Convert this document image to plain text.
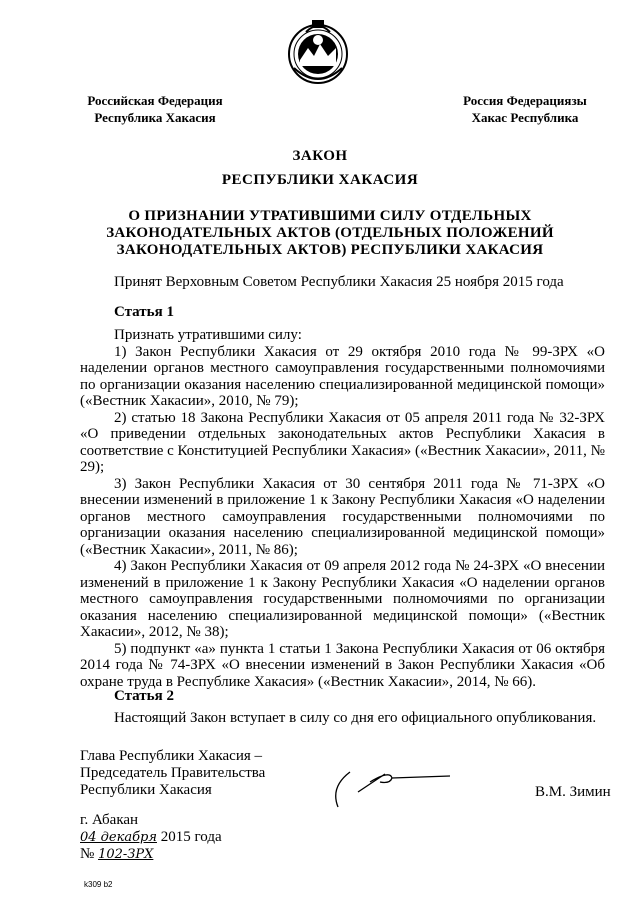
Российская Федерация
Республика Хакасия
Россия Федерациязы
Хакас Республика
ЗАКОН
РЕСПУБЛИКИ ХАКАСИЯ
О ПРИЗНАНИИ УТРАТИВШИМИ СИЛУ ОТДЕЛЬНЫХ ЗАКОНОДАТЕЛЬНЫХ АКТОВ (ОТДЕЛЬНЫХ ПОЛОЖЕНИЙ ЗАКОНОДАТЕЛЬНЫХ АКТОВ) РЕСПУБЛИКИ ХАКАСИЯ
Принят Верховным Советом Республики Хакасия 25 ноября 2015 года
Статья 1

Признать утратившими силу:

1) Закон Республики Хакасия от 29 октября 2010 года № 99-ЗРХ «О наделении органов местного самоуправления государственными полномочиями по организации оказания населению специализированной медицинской помощи» («Вестник Хакасии», 2010, № 79);

2) статью 18 Закона Республики Хакасия от 05 апреля 2011 года № 32-ЗРХ «О приведении отдельных законодательных актов Республики Хакасия в соответствие с Конституцией Республики Хакасия» («Вестник Хакасии», 2011, № 29);

3) Закон Республики Хакасия от 30 сентября 2011 года № 71-ЗРХ «О внесении изменений в приложение 1 к Закону Республики Хакасия «О наделении органов местного самоуправления государственными полномочиями по организации оказания населению специализированной медицинской помощи» («Вестник Хакасии», 2011, № 86);

4) Закон Республики Хакасия от 09 апреля 2012 года № 24-ЗРХ «О внесении изменений в приложение 1 к Закону Республики Хакасия «О наделении органов местного самоуправления государственными полномочиями по организации оказания населению специализированной медицинской помощи» («Вестник Хакасии», 2012, № 38);

5) подпункт «а» пункта 1 статьи 1 Закона Республики Хакасия от 06 октября 2014 года № 74-ЗРХ «О внесении изменений в Закон Республики Хакасия «Об охране труда в Республике Хакасия» («Вестник Хакасии», 2014, № 66).

Статья 2
Настоящий Закон вступает в силу со дня его официального опубликования.
Глава Республики Хакасия –
Председатель Правительства
Республики Хакасия	В.М. Зимин
г. Абакан
04 декабря 2015 года
№ 102-ЗРХ
k309 b2
